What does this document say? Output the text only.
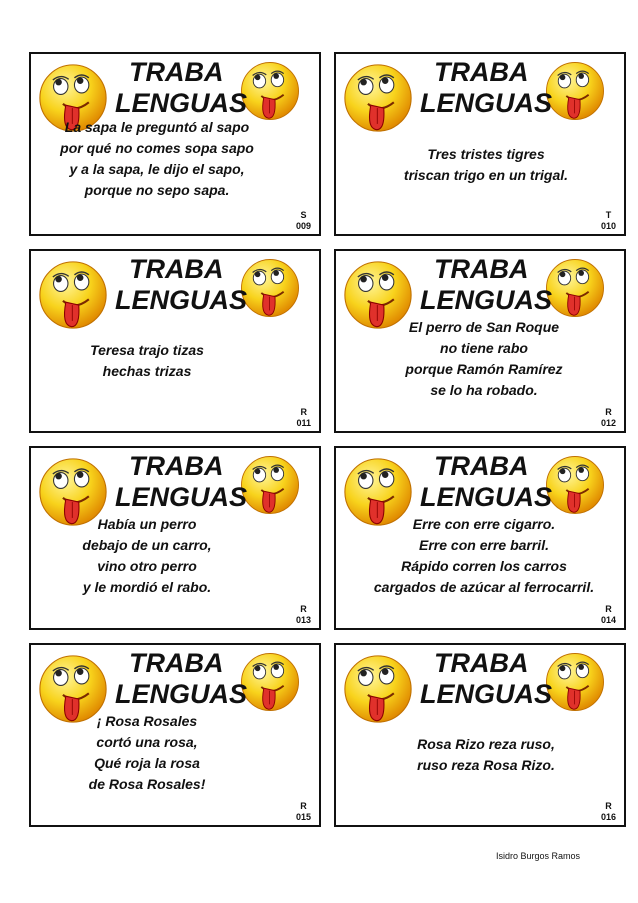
TRABA
LENGUAS
La sapa le preguntó al sapo
por qué no comes sopa sapo
y a la sapa, le dijo el sapo,
porque no sepo sapa.
S
009
TRABA
LENGUAS
Tres tristes tigres
triscan trigo en un trigal.
T
010
TRABA
LENGUAS
Teresa trajo tizas
hechas trizas
R
011
TRABA
LENGUAS
El perro de San Roque
no tiene rabo
porque Ramón Ramírez
se lo ha robado.
R
012
TRABA
LENGUAS
Había un perro
debajo de un carro,
vino otro perro
y le mordió el rabo.
R
013
TRABA
LENGUAS
Erre con erre cigarro.
Erre con erre barril.
Rápido corren los carros
cargados de azúcar al ferrocarril.
R
014
TRABA
LENGUAS
¡ Rosa Rosales
cortó una rosa,
Qué roja la rosa
de Rosa Rosales!
R
015
TRABA
LENGUAS
Rosa Rizo reza ruso,
ruso reza Rosa Rizo.
R
016
Isidro Burgos Ramos
